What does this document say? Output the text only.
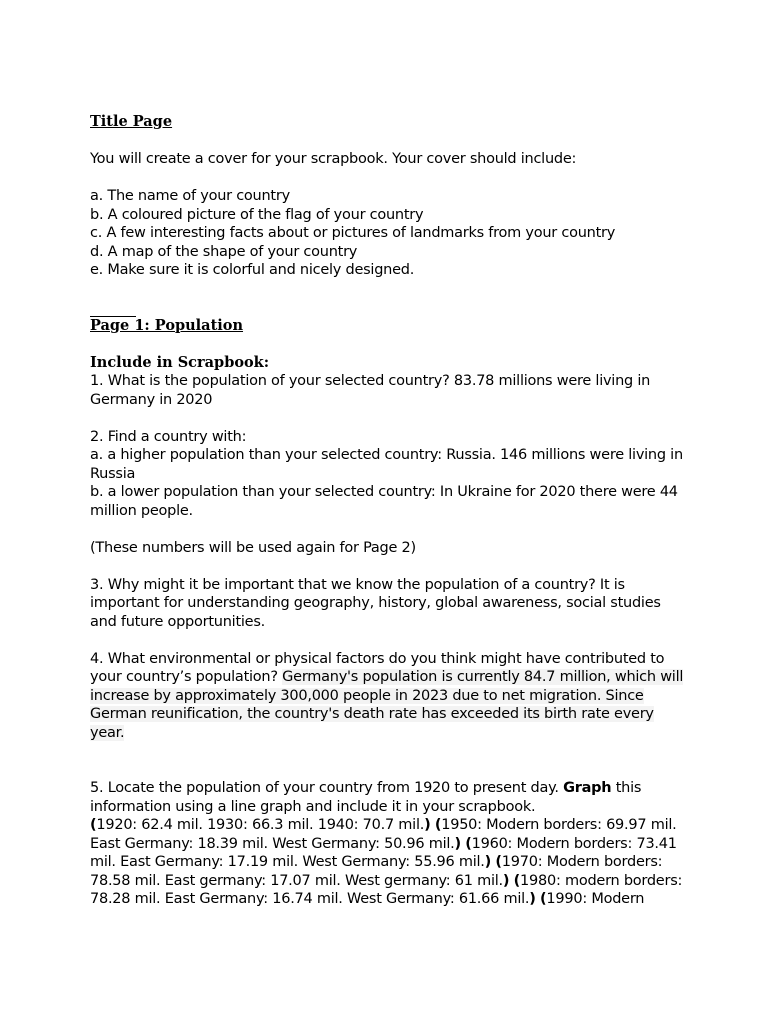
Title Page

You will create a cover for your scrapbook. Your cover should include:

a. The name of your country

b. A coloured picture of the flag of your country

c. A few interesting facts about or pictures of landmarks from your country

d. A map of the shape of your country

e. Make sure it is colorful and nicely designed.

Page 1: Population

Include in Scrapbook:

1. What is the population of your selected country? 83.78 millions were living in Germany in 2020

2. Find a country with:

a. a higher population than your selected country: Russia. 146 millions were living in Russia

b. a lower population than your selected country: In Ukraine for 2020 there were 44 million people.

(These numbers will be used again for Page 2)

3. Why might it be important that we know the population of a country? It is important for understanding geography, history, global awareness, social studies and future opportunities.

4. What environmental or physical factors do you think might have contributed to your country’s population? Germany's population is currently 84.7 million, which will increase by approximately 300,000 people in 2023 due to net migration. Since German reunification, the country's death rate has exceeded its birth rate every year.

5. Locate the population of your country from 1920 to present day. Graph this information using a line graph and include it in your scrapbook.

(1920: 62.4 mil. 1930: 66.3 mil. 1940: 70.7 mil.) (1950: Modern borders: 69.97 mil. East Germany: 18.39 mil. West Germany: 50.96 mil.) (1960: Modern borders: 73.41 mil. East Germany: 17.19 mil. West Germany: 55.96 mil.) (1970: Modern borders: 78.58 mil. East germany: 17.07 mil. West germany: 61 mil.) (1980: modern borders: 78.28 mil. East Germany: 16.74 mil. West Germany: 61.66 mil.) (1990: Modern
